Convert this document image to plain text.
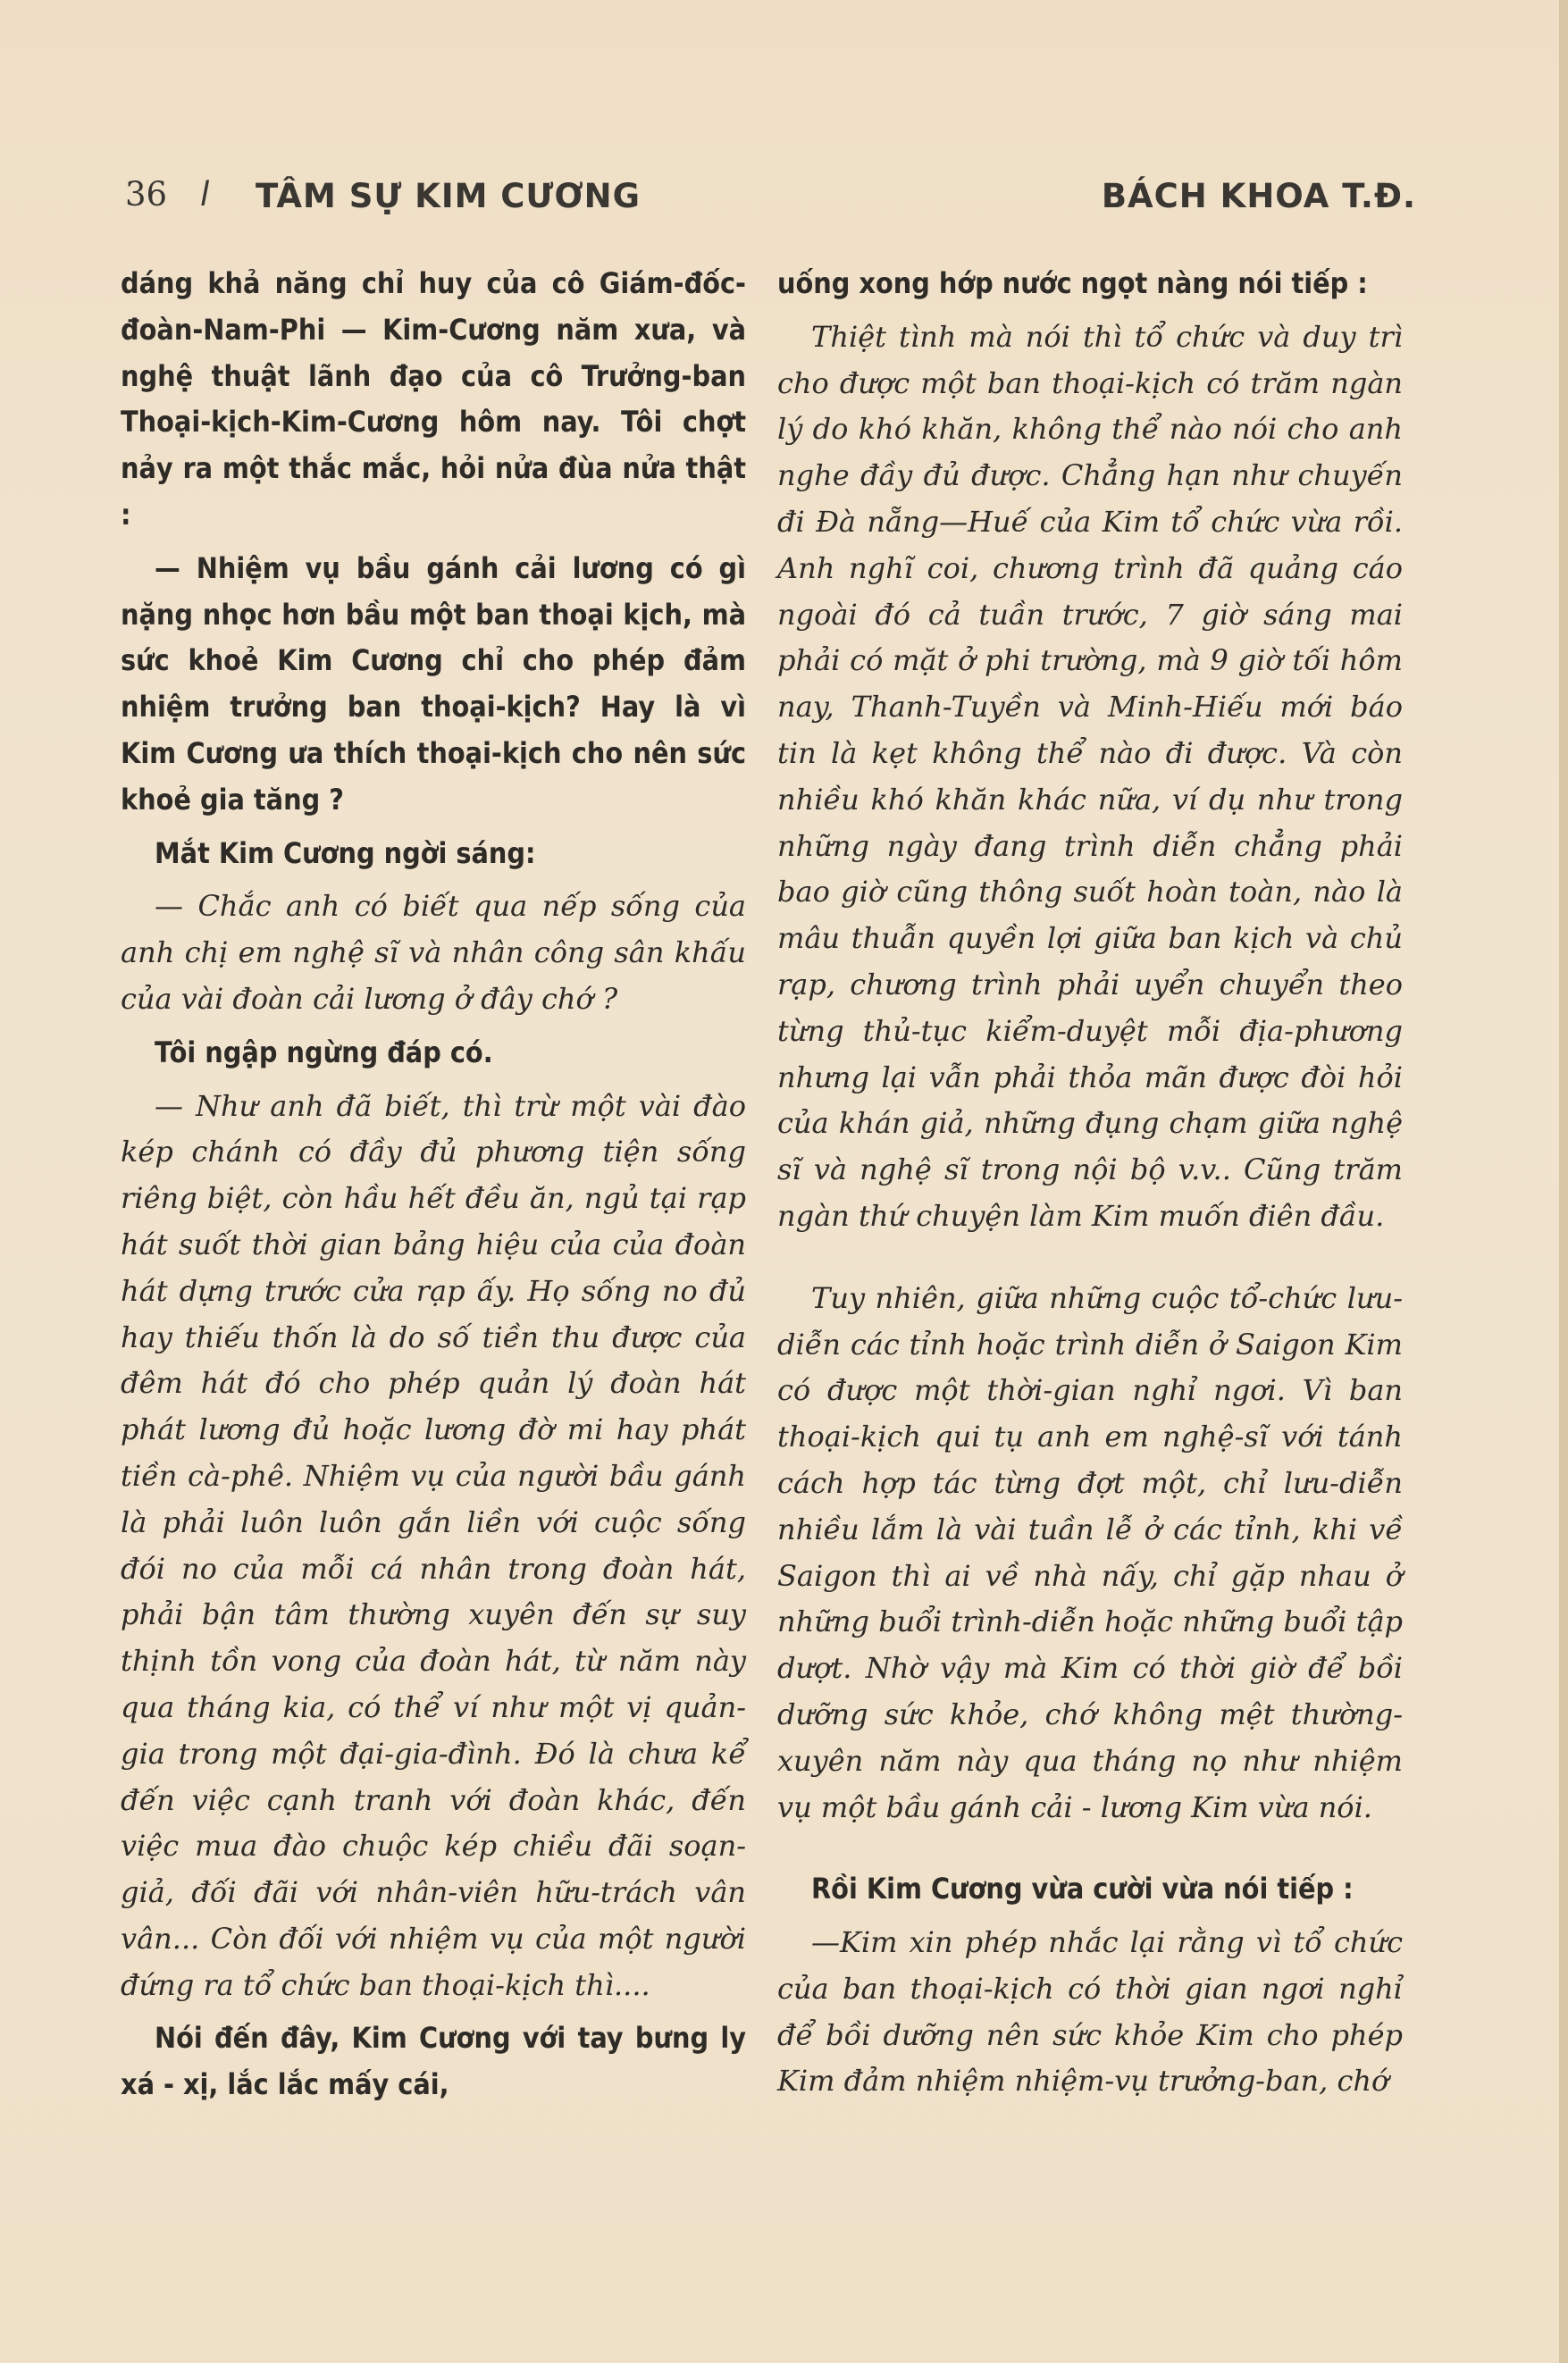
36 l TÂM SỰ KIM CƯƠNG	BÁCH KHOA T.Đ.

dáng khả năng chỉ huy của cô Giám-đốc-đoàn-Nam-Phi — Kim-Cương năm xưa, và nghệ thuật lãnh đạo của cô Trưởng-ban Thoại-kịch-Kim-Cương hôm nay. Tôi chợt nảy ra một thắc mắc, hỏi nửa đùa nửa thật :

— Nhiệm vụ bầu gánh cải lương có gì nặng nhọc hơn bầu một ban thoại kịch, mà sức khoẻ Kim Cương chỉ cho phép đảm nhiệm trưởng ban thoại-kịch? Hay là vì Kim Cương ưa thích thoại-kịch cho nên sức khoẻ gia tăng ?

Mắt Kim Cương ngời sáng:

— Chắc anh có biết qua nếp sống của anh chị em nghệ sĩ và nhân công sân khấu của vài đoàn cải lương ở đây chớ ?

Tôi ngập ngừng đáp có.

— Như anh đã biết, thì trừ một vài đào kép chánh có đầy đủ phương tiện sống riêng biệt, còn hầu hết đều ăn, ngủ tại rạp hát suốt thời gian bảng hiệu của của đoàn hát dựng trước cửa rạp ấy. Họ sống no đủ hay thiếu thốn là do số tiền thu được của đêm hát đó cho phép quản lý đoàn hát phát lương đủ hoặc lương đờ mi hay phát tiền cà-phê. Nhiệm vụ của người bầu gánh là phải luôn luôn gắn liền với cuộc sống đói no của mỗi cá nhân trong đoàn hát, phải bận tâm thường xuyên đến sự suy thịnh tồn vong của đoàn hát, từ năm này qua tháng kia, có thể ví như một vị quản-gia trong một đại-gia-đình. Đó là chưa kể đến việc cạnh tranh với đoàn khác, đến việc mua đào chuộc kép chiều đãi soạn-giả, đối đãi với nhân-viên hữu-trách vân vân... Còn đối với nhiệm vụ của một người đứng ra tổ chức ban thoại-kịch thì....

Nói đến đây, Kim Cương với tay bưng ly xá - xị, lắc lắc mấy cái,

uống xong hớp nước ngọt nàng nói tiếp :

Thiệt tình mà nói thì tổ chức và duy trì cho được một ban thoại-kịch có trăm ngàn lý do khó khăn, không thể nào nói cho anh nghe đầy đủ được. Chẳng hạn như chuyến đi Đà nẵng—Huế của Kim tổ chức vừa rồi. Anh nghĩ coi, chương trình đã quảng cáo ngoài đó cả tuần trước, 7 giờ sáng mai phải có mặt ở phi trường, mà 9 giờ tối hôm nay, Thanh-Tuyền và Minh-Hiếu mới báo tin là kẹt không thể nào đi được. Và còn nhiều khó khăn khác nữa, ví dụ như trong những ngày đang trình diễn chẳng phải bao giờ cũng thông suốt hoàn toàn, nào là mâu thuẫn quyền lợi giữa ban kịch và chủ rạp, chương trình phải uyển chuyển theo từng thủ-tục kiểm-duyệt mỗi địa-phương nhưng lại vẫn phải thỏa mãn được đòi hỏi của khán giả, những đụng chạm giữa nghệ sĩ và nghệ sĩ trong nội bộ v.v.. Cũng trăm ngàn thứ chuyện làm Kim muốn điên đầu.

Tuy nhiên, giữa những cuộc tổ-chức lưu-diễn các tỉnh hoặc trình diễn ở Saigon Kim có được một thời-gian nghỉ ngơi. Vì ban thoại-kịch qui tụ anh em nghệ-sĩ với tánh cách hợp tác từng đợt một, chỉ lưu-diễn nhiều lắm là vài tuần lễ ở các tỉnh, khi về Saigon thì ai về nhà nấy, chỉ gặp nhau ở những buổi trình-diễn hoặc những buổi tập dượt. Nhờ vậy mà Kim có thời giờ để bồi dưỡng sức khỏe, chớ không mệt thường-xuyên năm này qua tháng nọ như nhiệm vụ một bầu gánh cải - lương Kim vừa nói.

Rồi Kim Cương vừa cười vừa nói tiếp :

—Kim xin phép nhắc lại rằng vì tổ chức của ban thoại-kịch có thời gian ngơi nghỉ để bồi dưỡng nên sức khỏe Kim cho phép Kim đảm nhiệm nhiệm-vụ trưởng-ban, chớ
